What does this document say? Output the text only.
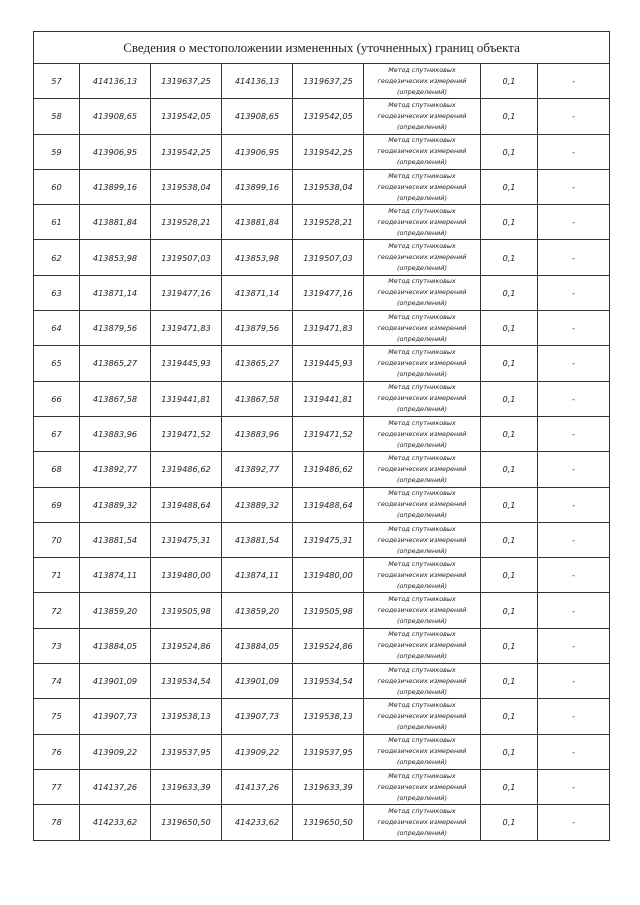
Сведения о местоположении измененных (уточненных) границ объекта							
57	414136,13	1319637,25	414136,13	1319637,25	Метод спутниковых
геодезических измерений
(определений)	0,1	-
58	413908,65	1319542,05	413908,65	1319542,05	Метод спутниковых
геодезических измерений
(определений)	0,1	-
59	413906,95	1319542,25	413906,95	1319542,25	Метод спутниковых
геодезических измерений
(определений)	0,1	-
60	413899,16	1319538,04	413899,16	1319538,04	Метод спутниковых
геодезических измерений
(определений)	0,1	-
61	413881,84	1319528,21	413881,84	1319528,21	Метод спутниковых
геодезических измерений
(определений)	0,1	-
62	413853,98	1319507,03	413853,98	1319507,03	Метод спутниковых
геодезических измерений
(определений)	0,1	-
63	413871,14	1319477,16	413871,14	1319477,16	Метод спутниковых
геодезических измерений
(определений)	0,1	-
64	413879,56	1319471,83	413879,56	1319471,83	Метод спутниковых
геодезических измерений
(определений)	0,1	-
65	413865,27	1319445,93	413865,27	1319445,93	Метод спутниковых
геодезических измерений
(определений)	0,1	-
66	413867,58	1319441,81	413867,58	1319441,81	Метод спутниковых
геодезических измерений
(определений)	0,1	-
67	413883,96	1319471,52	413883,96	1319471,52	Метод спутниковых
геодезических измерений
(определений)	0,1	-
68	413892,77	1319486,62	413892,77	1319486,62	Метод спутниковых
геодезических измерений
(определений)	0,1	-
69	413889,32	1319488,64	413889,32	1319488,64	Метод спутниковых
геодезических измерений
(определений)	0,1	-
70	413881,54	1319475,31	413881,54	1319475,31	Метод спутниковых
геодезических измерений
(определений)	0,1	-
71	413874,11	1319480,00	413874,11	1319480,00	Метод спутниковых
геодезических измерений
(определений)	0,1	-
72	413859,20	1319505,98	413859,20	1319505,98	Метод спутниковых
геодезических измерений
(определений)	0,1	-
73	413884,05	1319524,86	413884,05	1319524,86	Метод спутниковых
геодезических измерений
(определений)	0,1	-
74	413901,09	1319534,54	413901,09	1319534,54	Метод спутниковых
геодезических измерений
(определений)	0,1	-
75	413907,73	1319538,13	413907,73	1319538,13	Метод спутниковых
геодезических измерений
(определений)	0,1	-
76	413909,22	1319537,95	413909,22	1319537,95	Метод спутниковых
геодезических измерений
(определений)	0,1	-
77	414137,26	1319633,39	414137,26	1319633,39	Метод спутниковых
геодезических измерений
(определений)	0,1	-
78	414233,62	1319650,50	414233,62	1319650,50	Метод спутниковых
геодезических измерений
(определений)	0,1	-
